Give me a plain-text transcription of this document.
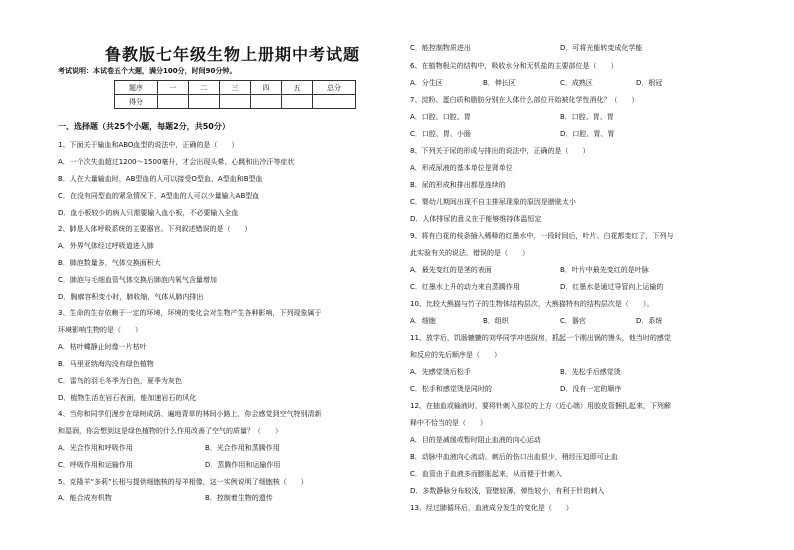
鲁教版七年级生物上册期中考试题
考试说明：本试卷五个大题，满分100分，时间90分钟。
题序	一	二	三	四	五	总分
得分						
一、选择题（共25个小题，每题2分，共50分）
1、下面关于输血和ABO血型的说法中，正确的是（　　）
A．一个次失血超过1200～1500毫升，才会出现头晕、心跳和出冷汗等症状
B．人在大量输血时，AB型血的人可以接受O型血、A型血和B型血
C．在没有同型血的紧急情况下，A型血的人可以少量输入AB型血
D．血小板较少的病人只需要输入血小板，不必要输入全血
2、肺是人体呼吸系统的主要器官。下列叙述错误的是（　　）
A．外界气体经过呼吸道进入肺
B．肺泡数量多，气体交换面积大
C．肺泡与毛细血管气体交换后肺泡内氧气含量增加
D．胸廓容积变小时，肺收缩，气体从肺内排出
3、生命的生存依赖于一定的环境，环境的变化会对生物产生各种影响，下列现象属于
环境影响生物的是（　　）
A．枯叶蝶静止时像一片枯叶
B．马里亚纳海沟没有绿色植物
C．雷鸟的羽毛冬季为白色，夏季为灰色
D．植物生活在岩石表面，能加速岩石的风化
4、当你和同学们漫步在绿树成荫、遍地青草的林间小路上，你会感觉到空气特别清新
和湿润，你会想到这是绿色植物的什么作用改善了空气的质量？（　　）
A．光合作用和呼吸作用	B．光合作用和蒸腾作用
C．呼吸作用和运输作用	D．蒸腾作用和运输作用
5、克隆羊“多莉”长相与提供细胞核的母羊相像，这一实例说明了细胞核（　　）
A．能合成有机物	B．控制着生物的遗传
C．能控制物质进出	D．可将光能转变成化学能
6、在植物根尖的结构中，吸收水分和无机盐的主要部位是（　　）
A．分生区	B．伸长区	C．成熟区	D．根冠
7、淀粉、蛋白质和脂肪分别在人体什么部位开始被化学性消化？（　　）
A．口腔、口腔、胃	B．口腔、胃、胃
C．口腔、胃、小肠	D．口腔、胃、胃
8、下列关于尿的形成与排出的说法中，正确的是（　　）
A．形成尿液的基本单位是肾单位
B．尿的形成和排出都是连续的
C．婴幼儿期间出现不自主排尿现象的原因是膀胱太小
D．人体排尿的意义在于能够维持体温恒定
9、将有白花的枝条插入稀释的红墨水中，一段时间后，叶片、白花都变红了，下列与
此实验有关的说法，错误的是（　　）
A．最先变红的是茎的表面	B．叶片中最先变红的是叶脉
C．红墨水上升的动力来自蒸腾作用	D．红墨水是通过导管向上运输的
10、比较大熊猫与竹子的生物体结构层次，大熊猫特有的结构层次是（　　）。
A．细胞	B．组织	C．器官	D．系统
11、放学后，饥肠辘辘的刘华同学冲进厨房，抓起一个刚出锅的馒头，他当时的感觉
和反应的先后顺序是（　　）
A．先感觉烫后松手	B．先松手后感觉烫
C．松手和感觉烫是同时的	D．没有一定的顺序
12、在抽血或输液时，要将针刺入部位的上方（近心端）用胶皮管捆扎起来，下列解
释中不恰当的是（　　）
A．目的是减缓或暂时阻止血液的向心运动
B．动脉中血液向心流动，刺后的伤口出血很少，稍经压迫即可止血
C．血管由于血液多而膨胀起来，从而便于针刺入
D．多数静脉分布较浅，管壁较薄，弹性较小，有利于针的刺入
13、经过肺循环后，血液成分发生的变化是（　　）
